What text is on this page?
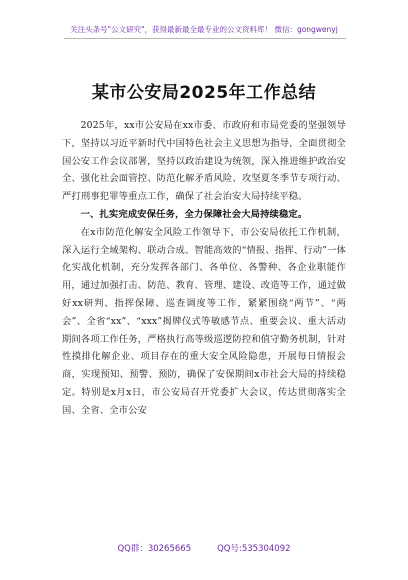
关注头条号"公文研究"，获得最新最全最专业的公文资料库！ 微信：gongwenyj
某市公安局2025年工作总结

2025年，xx市公安局在xx市委、市政府和市局党委的坚强领导下，坚持以习近平新时代中国特色社会主义思想为指导，全面贯彻全国公安工作会议部署，坚持以政治建设为统领，深入推进维护政治安全、强化社会面管控、防范化解矛盾风险、攻坚夏冬季节专项行动、严打刑事犯罪等重点工作，确保了社会治安大局持续平稳。

一、扎实完成安保任务，全力保障社会大局持续稳定。

在x市防范化解安全风险工作领导下，市公安局依托工作机制，深入运行全域架构、联动合成、智能高效的“情报、指挥、行动”一体化实战化机制，充分发挥各部门、各单位、各警种、各企业职能作用，通过加强打击、防范、教育、管理、建设、改造等工作，通过做好xx研判、指挥保障、巡查调度等工作，紧紧围绕“两节”、“两会”、全省“xx”、“xxx”揭牌仪式等敏感节点、重要会议、重大活动期间各项工作任务，严格执行高等级巡逻防控和值守勤务机制，针对性摸排化解企业、项目存在的重大安全风险隐患，开展每日情报会商，实现预知、预警、预防，确保了安保期间x市社会大局的持续稳定。特别是x月x日，市公安局召开党委扩大会议，传达贯彻落实全国、全省、全市公安

QQ群：30265665	QQ号:535304092
